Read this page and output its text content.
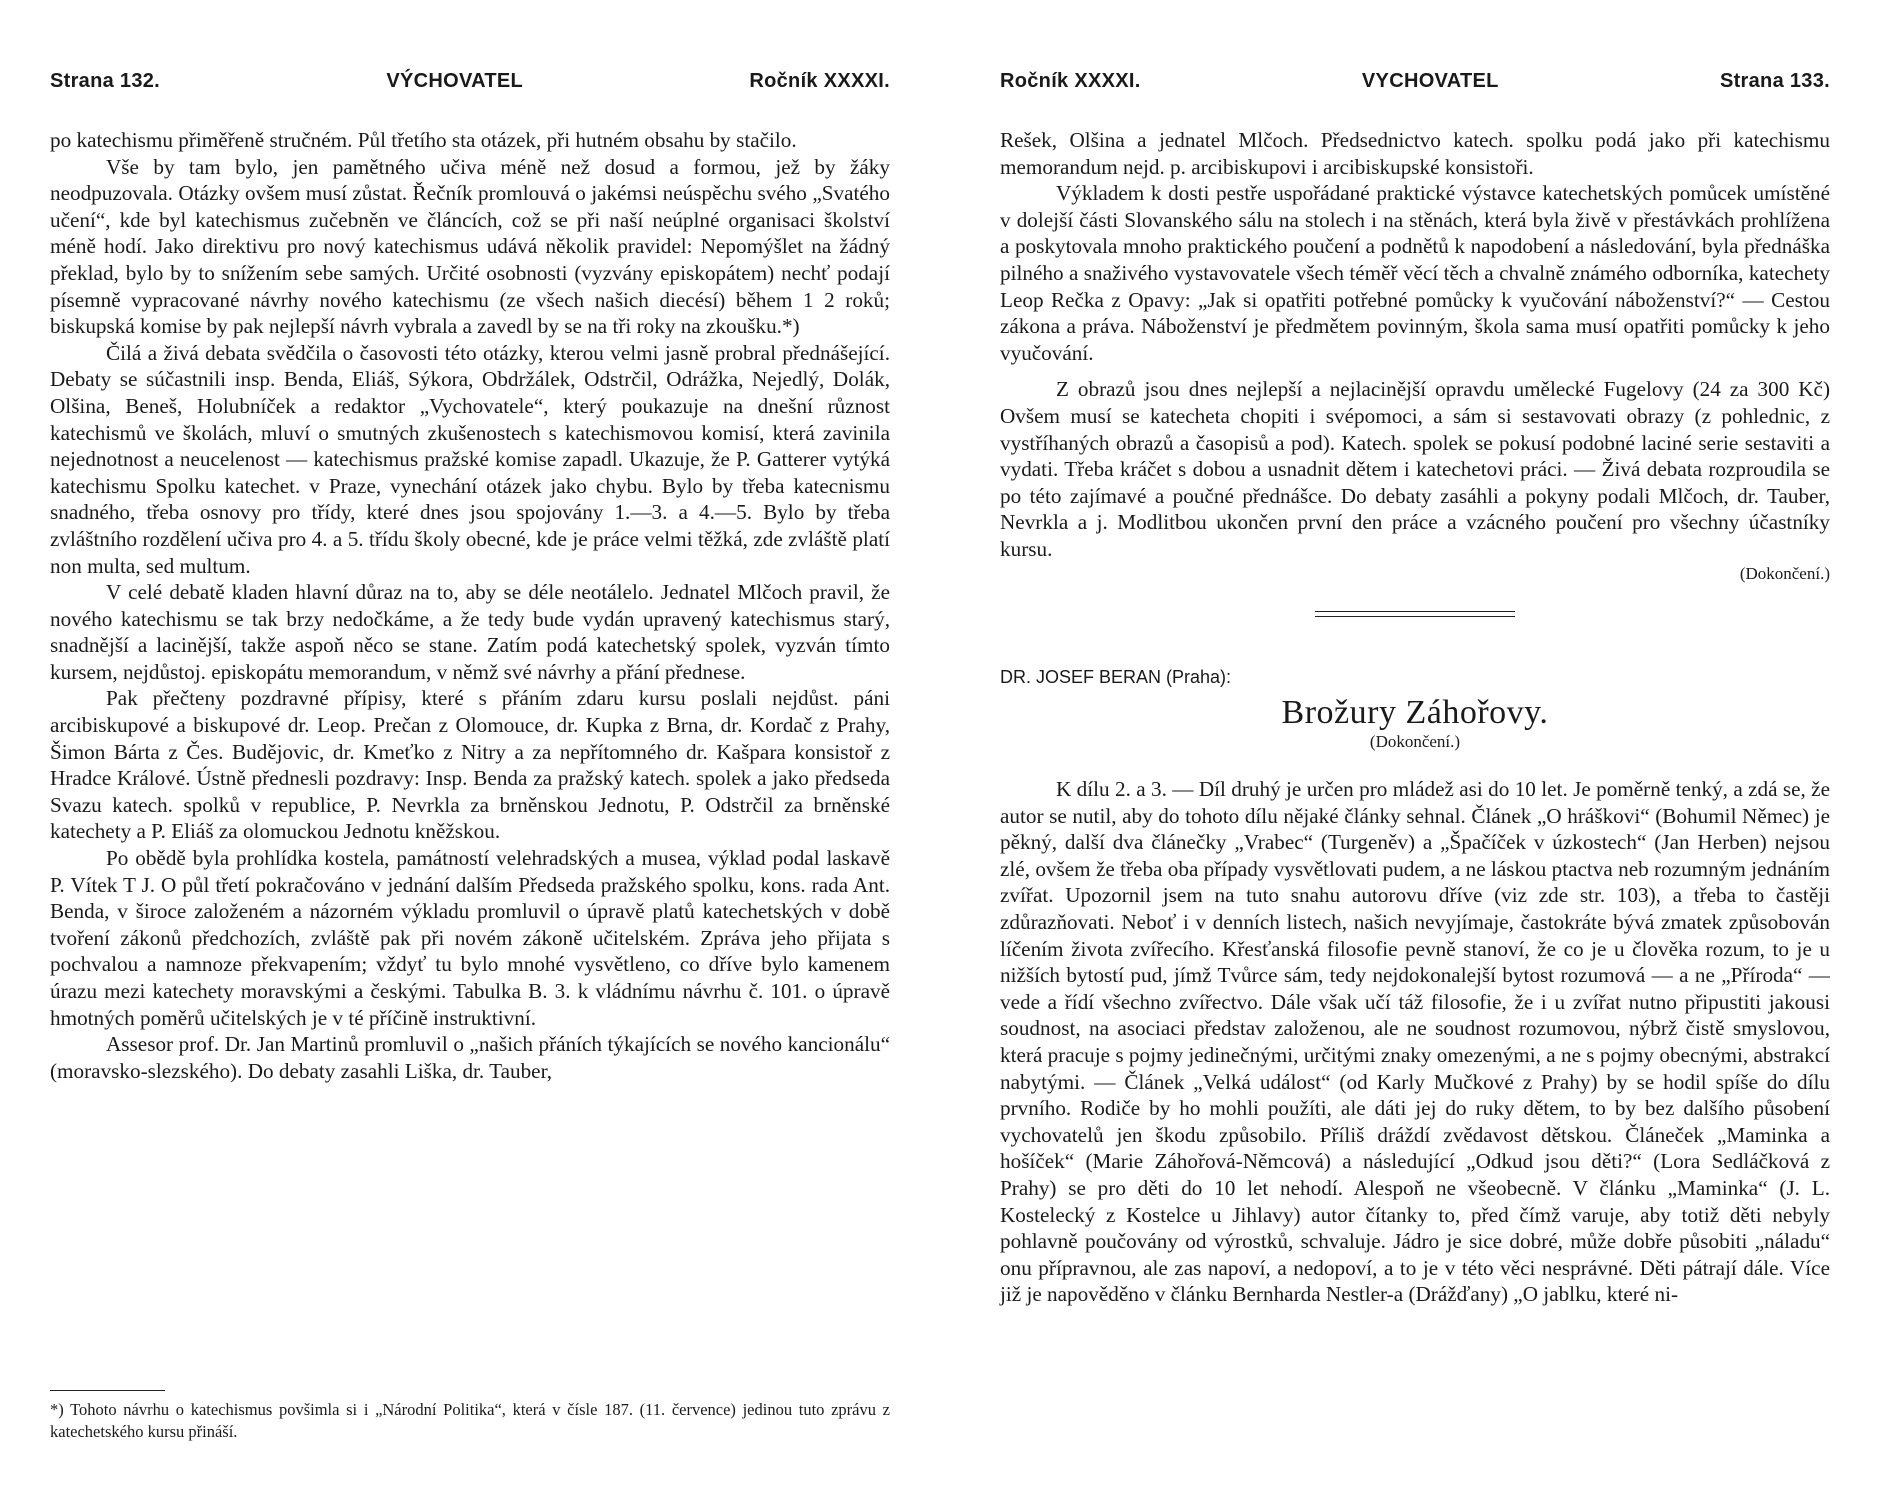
Strana 132.	VÝCHOVATEL	Ročník XXXXI.

po katechismu přiměřeně stručném. Půl třetího sta otázek, při hutném obsahu by stačilo.

Vše by tam bylo, jen pamětného učiva méně než dosud a formou, jež by žáky neodpuzovala. Otázky ovšem musí zůstat. Řečník promlouvá o jakémsi neúspěchu svého „Svatého učení“, kde byl katechismus zučebněn ve článcích, což se při naší neúplné organisaci školství méně hodí. Jako direktivu pro nový katechismus udává několik pravidel: Nepomýšlet na žádný překlad, bylo by to snížením sebe samých. Určité osobnosti (vyzvány episkopátem) nechť podají písemně vypracované návrhy nového katechismu (ze všech našich diecésí) během 1 2 roků; biskupská komise by pak nejlepší návrh vybrala a zavedl by se na tři roky na zkoušku.*)

Čilá a živá debata svědčila o časovosti této otázky, kterou velmi jasně probral přednášející. Debaty se súčastnili insp. Benda, Eliáš, Sýkora, Obdržálek, Odstrčil, Odrážka, Nejedlý, Dolák, Olšina, Beneš, Holubníček a redaktor „Vychovatele“, který poukazuje na dnešní různost katechismů ve školách, mluví o smutných zkušenostech s katechismovou komisí, která zavinila nejednotnost a neucelenost — katechismus pražské komise zapadl. Ukazuje, že P. Gatterer vytýká katechismu Spolku katechet. v Praze, vynechání otázek jako chybu. Bylo by třeba katecnismu snadného, třeba osnovy pro třídy, které dnes jsou spojovány 1.—3. a 4.—5. Bylo by třeba zvláštního rozdělení učiva pro 4. a 5. třídu školy obecné, kde je práce velmi těžká, zde zvláště platí non multa, sed multum.

V celé debatě kladen hlavní důraz na to, aby se déle neotálelo. Jednatel Mlčoch pravil, že nového katechismu se tak brzy nedočkáme, a že tedy bude vydán upravený katechismus starý, snadnější a lacinější, takže aspoň něco se stane. Zatím podá katechetský spolek, vyzván tímto kursem, nejdůstoj. episkopátu memorandum, v němž své návrhy a přání přednese.

Pak přečteny pozdravné přípisy, které s přáním zdaru kursu poslali nejdůst. páni arcibiskupové a biskupové dr. Leop. Prečan z Olomouce, dr. Kupka z Brna, dr. Kordač z Prahy, Šimon Bárta z Čes. Budějovic, dr. Kmeťko z Nitry a za nepřítomného dr. Kašpara konsistoř z Hradce Králové. Ústně přednesli pozdravy: Insp. Benda za pražský katech. spolek a jako předseda Svazu katech. spolků v republice, P. Nevrkla za brněnskou Jednotu, P. Odstrčil za brněnské katechety a P. Eliáš za olomuckou Jednotu kněžskou.

Po obědě byla prohlídka kostela, památností velehradských a musea, výklad podal laskavě P. Vítek T J. O půl třetí pokračováno v jednání dalším Předseda pražského spolku, kons. rada Ant. Benda, v široce založeném a názorném výkladu promluvil o úpravě platů katechetských v době tvoření zákonů předchozích, zvláště pak při novém zákoně učitelském. Zpráva jeho přijata s pochvalou a namnoze překvapením; vždyť tu bylo mnohé vysvětleno, co dříve bylo kamenem úrazu mezi katechety moravskými a českými. Tabulka B. 3. k vládnímu návrhu č. 101. o úpravě hmotných poměrů učitelských je v té příčině instruktivní.

Assesor prof. Dr. Jan Martinů promluvil o „našich přáních týkajících se nového kancionálu“ (moravsko-slezského). Do debaty zasahli Liška, dr. Tauber,

*) Tohoto návrhu o katechismus povšimla si i „Národní Politika“, která v čísle 187. (11. července) jedinou tuto zprávu z katechetského kursu přináší.
Ročník XXXXI.	VYCHOVATEL	Strana 133.

Rešek, Olšina a jednatel Mlčoch. Předsednictvo katech. spolku podá jako při katechismu memorandum nejd. p. arcibiskupovi i arcibiskupské konsistoři.

Výkladem k dosti pestře uspořádané praktické výstavce katechetských pomůcek umístěné v dolejší části Slovanského sálu na stolech i na stěnách, která byla živě v přestávkách prohlížena a poskytovala mnoho praktického poučení a podnětů k napodobení a následování, byla přednáška pilného a snaživého vystavovatele všech téměř věcí těch a chvalně známého odborníka, katechety Leop Rečka z Opavy: „Jak si opatřiti potřebné pomůcky k vyučování náboženství?“ — Cestou zákona a práva. Náboženství je předmětem povinným, škola sama musí opatřiti pomůcky k jeho vyučování.

Z obrazů jsou dnes nejlepší a nejlacinější opravdu umělecké Fugelovy (24 za 300 Kč) Ovšem musí se katecheta chopiti i svépomoci, a sám si sestavovati obrazy (z pohlednic, z vystříhaných obrazů a časopisů a pod). Katech. spolek se pokusí podobné laciné serie sestaviti a vydati. Třeba kráčet s dobou a usnadnit dětem i katechetovi práci. — Živá debata rozproudila se po této zajímavé a poučné přednášce. Do debaty zasáhli a pokyny podali Mlčoch, dr. Tauber, Nevrkla a j. Modlitbou ukončen první den práce a vzácného poučení pro všechny účastníky kursu.

(Dokončení.)
DR. JOSEF BERAN (Praha):
Brožury Záhořovy.
(Dokončení.)

K dílu 2. a 3. — Díl druhý je určen pro mládež asi do 10 let. Je poměrně tenký, a zdá se, že autor se nutil, aby do tohoto dílu nějaké články sehnal. Článek „O hráškovi“ (Bohumil Němec) je pěkný, další dva článečky „Vrabec“ (Turgeněv) a „Špačíček v úzkostech“ (Jan Herben) nejsou zlé, ovšem že třeba oba případy vysvětlovati pudem, a ne láskou ptactva neb rozumným jednáním zvířat. Upozornil jsem na tuto snahu autorovu dříve (viz zde str. 103), a třeba to častěji zdůrazňovati. Neboť i v denních listech, našich nevyjímaje, častokráte bývá zmatek způsobován líčením života zvířecího. Křesťanská filosofie pevně stanoví, že co je u člověka rozum, to je u nižších bytostí pud, jímž Tvůrce sám, tedy nejdokonalejší bytost rozumová — a ne „Příroda“ — vede a řídí všechno zvířectvo. Dále však učí táž filosofie, že i u zvířat nutno připustiti jakousi soudnost, na asociaci představ založenou, ale ne soudnost rozumovou, nýbrž čistě smyslovou, která pracuje s pojmy jedinečnými, určitými znaky omezenými, a ne s pojmy obecnými, abstrakcí nabytými. — Článek „Velká událost“ (od Karly Mučkové z Prahy) by se hodil spíše do dílu prvního. Rodiče by ho mohli použíti, ale dáti jej do ruky dětem, to by bez dalšího působení vychovatelů jen škodu způsobilo. Příliš dráždí zvědavost dětskou. Článeček „Maminka a hošíček“ (Marie Záhořová-Němcová) a následující „Odkud jsou děti?“ (Lora Sedláčková z Prahy) se pro děti do 10 let nehodí. Alespoň ne všeobecně. V článku „Maminka“ (J. L. Kostelecký z Kostelce u Jihlavy) autor čítanky to, před čímž varuje, aby totiž děti nebyly pohlavně poučovány od výrostků, schvaluje. Jádro je sice dobré, může dobře působiti „náladu“ onu přípravnou, ale zas napoví, a nedopoví, a to je v této věci nesprávné. Děti pátrají dále. Více již je napověděno v článku Bernharda Nestler-a (Drážďany) „O jablku, které ni-
